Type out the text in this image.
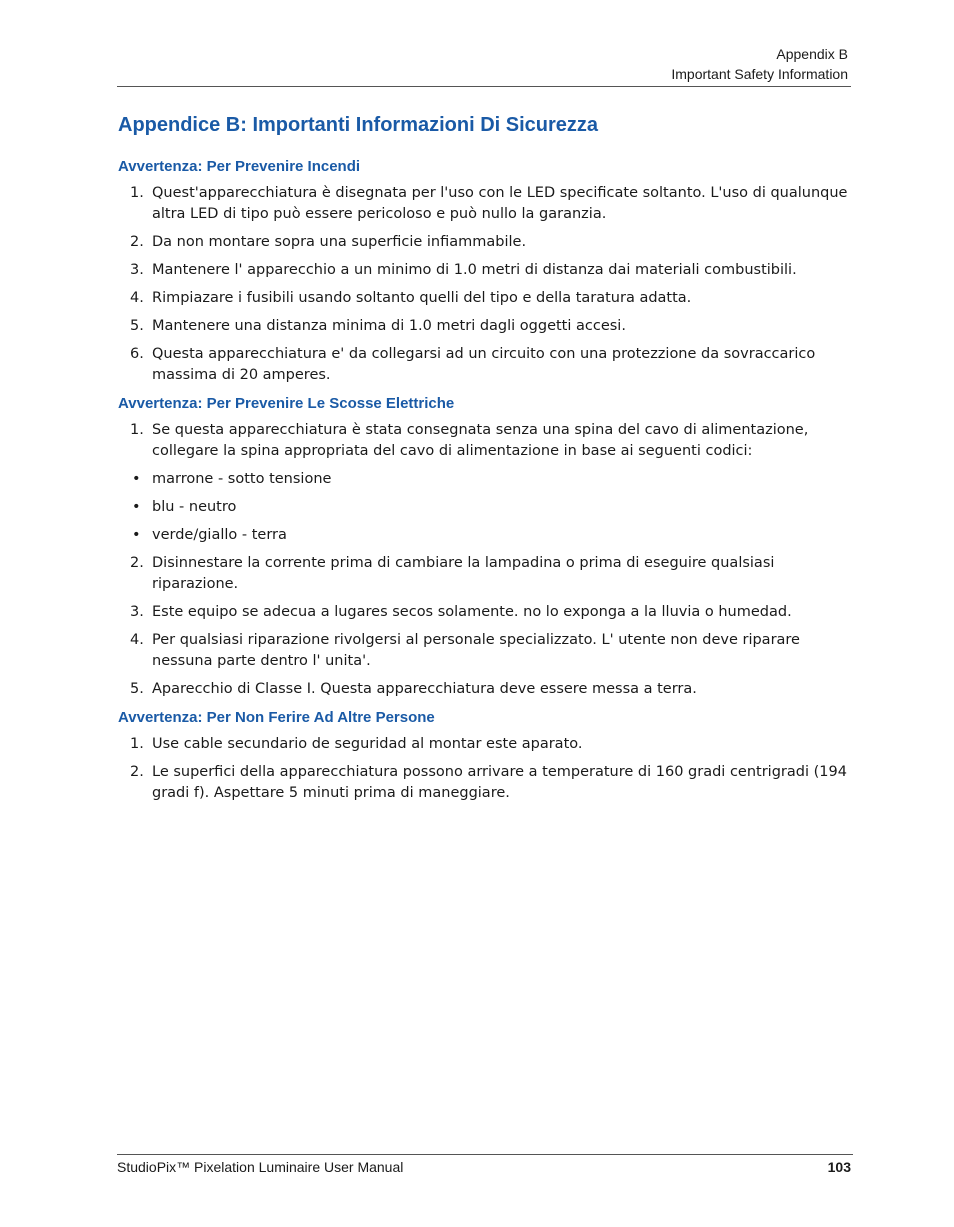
Appendix B
Important Safety Information
Appendice B: Importanti Informazioni Di Sicurezza
Avvertenza: Per Prevenire Incendi
1. Quest'apparecchiatura è disegnata per l'uso con le LED specificate soltanto. L'uso di qualunque altra LED di tipo può essere pericoloso e può nullo la garanzia.
2. Da non montare sopra una superficie infiammabile.
3. Mantenere l' apparecchio a un minimo di 1.0 metri di distanza dai materiali combustibili.
4. Rimpiazare i fusibili usando soltanto quelli del tipo e della taratura adatta.
5. Mantenere una distanza minima di 1.0 metri dagli oggetti accesi.
6. Questa apparecchiatura e' da collegarsi ad un circuito con una protezzione da sovraccarico massima di 20 amperes.
Avvertenza: Per Prevenire Le Scosse Elettriche
1. Se questa apparecchiatura è stata consegnata senza una spina del cavo di alimentazione, collegare la spina appropriata del cavo di alimentazione in base ai seguenti codici:
• marrone - sotto tensione
• blu - neutro
• verde/giallo - terra
2. Disinnestare la corrente prima di cambiare la lampadina o prima di eseguire qualsiasi riparazione.
3. Este equipo se adecua a lugares secos solamente. no lo exponga a la lluvia o humedad.
4. Per qualsiasi riparazione rivolgersi al personale specializzato. L' utente non deve riparare nessuna parte dentro l' unita'.
5. Aparecchio di Classe I. Questa apparecchiatura deve essere messa a terra.
Avvertenza: Per Non Ferire Ad Altre Persone
1. Use cable secundario de seguridad al montar este aparato.
2. Le superfici della apparecchiatura possono arrivare a temperature di 160 gradi centrigradi (194 gradi f). Aspettare 5 minuti prima di maneggiare.
StudioPix™ Pixelation Luminaire User Manual	103
